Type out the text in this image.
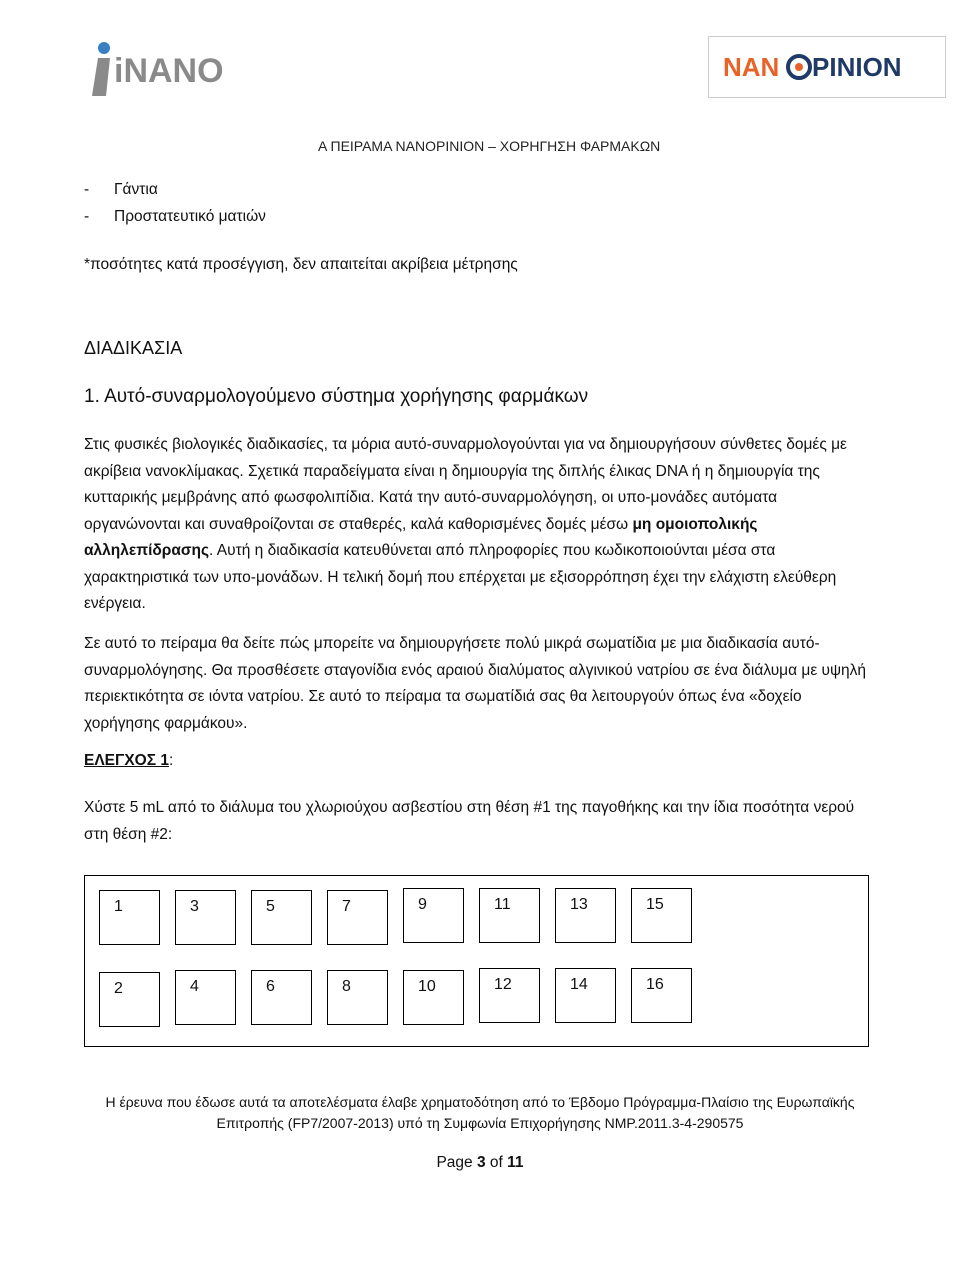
iNANO	NAN PINION
Α ΠΕΙΡΑΜΑ NANOPINION – ΧΟΡΗΓΗΣΗ ΦΑΡΜΑΚΩΝ
- Γάντια
- Προστατευτικό ματιών
*ποσότητες κατά προσέγγιση, δεν απαιτείται ακρίβεια μέτρησης
ΔΙΑΔΙΚΑΣΙΑ
1. Αυτό-συναρμολογούμενο σύστημα χορήγησης φαρμάκων
Στις φυσικές βιολογικές διαδικασίες, τα μόρια αυτό-συναρμολογούνται για να δημιουργήσουν σύνθετες δομές με ακρίβεια νανοκλίμακας. Σχετικά παραδείγματα είναι η δημιουργία της διπλής έλικας DNA ή η δημιουργία της κυτταρικής μεμβράνης από φωσφολιπίδια. Κατά την αυτό-συναρμολόγηση, οι υπο-μονάδες αυτόματα οργανώνονται και συναθροίζονται σε σταθερές, καλά καθορισμένες δομές μέσω μη ομοιοπολικής αλληλεπίδρασης. Αυτή η διαδικασία κατευθύνεται από πληροφορίες που κωδικοποιούνται μέσα στα χαρακτηριστικά των υπο-μονάδων. Η τελική δομή που επέρχεται με εξισορρόπηση έχει την ελάχιστη ελεύθερη ενέργεια.
Σε αυτό το πείραμα θα δείτε πώς μπορείτε να δημιουργήσετε πολύ μικρά σωματίδια με μια διαδικασία αυτό-συναρμολόγησης. Θα προσθέσετε σταγονίδια ενός αραιού διαλύματος αλγινικού νατρίου σε ένα διάλυμα με υψηλή περιεκτικότητα σε ιόντα νατρίου. Σε αυτό το πείραμα τα σωματίδιά σας θα λειτουργούν όπως ένα «δοχείο χορήγησης φαρμάκου».
ΕΛΕΓΧΟΣ 1:
Χύστε 5 mL από το διάλυμα του χλωριούχου ασβεστίου στη θέση #1 της παγοθήκης και την ίδια ποσότητα νερού στη θέση #2:
1	3	5	7	9	11	13	15
2	4	6	8	10	12	14	16
Η έρευνα που έδωσε αυτά τα αποτελέσματα έλαβε χρηματοδότηση από το Έβδομο Πρόγραμμα-Πλαίσιο της Ευρωπαϊκής
Επιτροπής (FP7/2007-2013) υπό τη Συμφωνία Επιχορήγησης NMP.2011.3-4-290575
Page 3 of 11
